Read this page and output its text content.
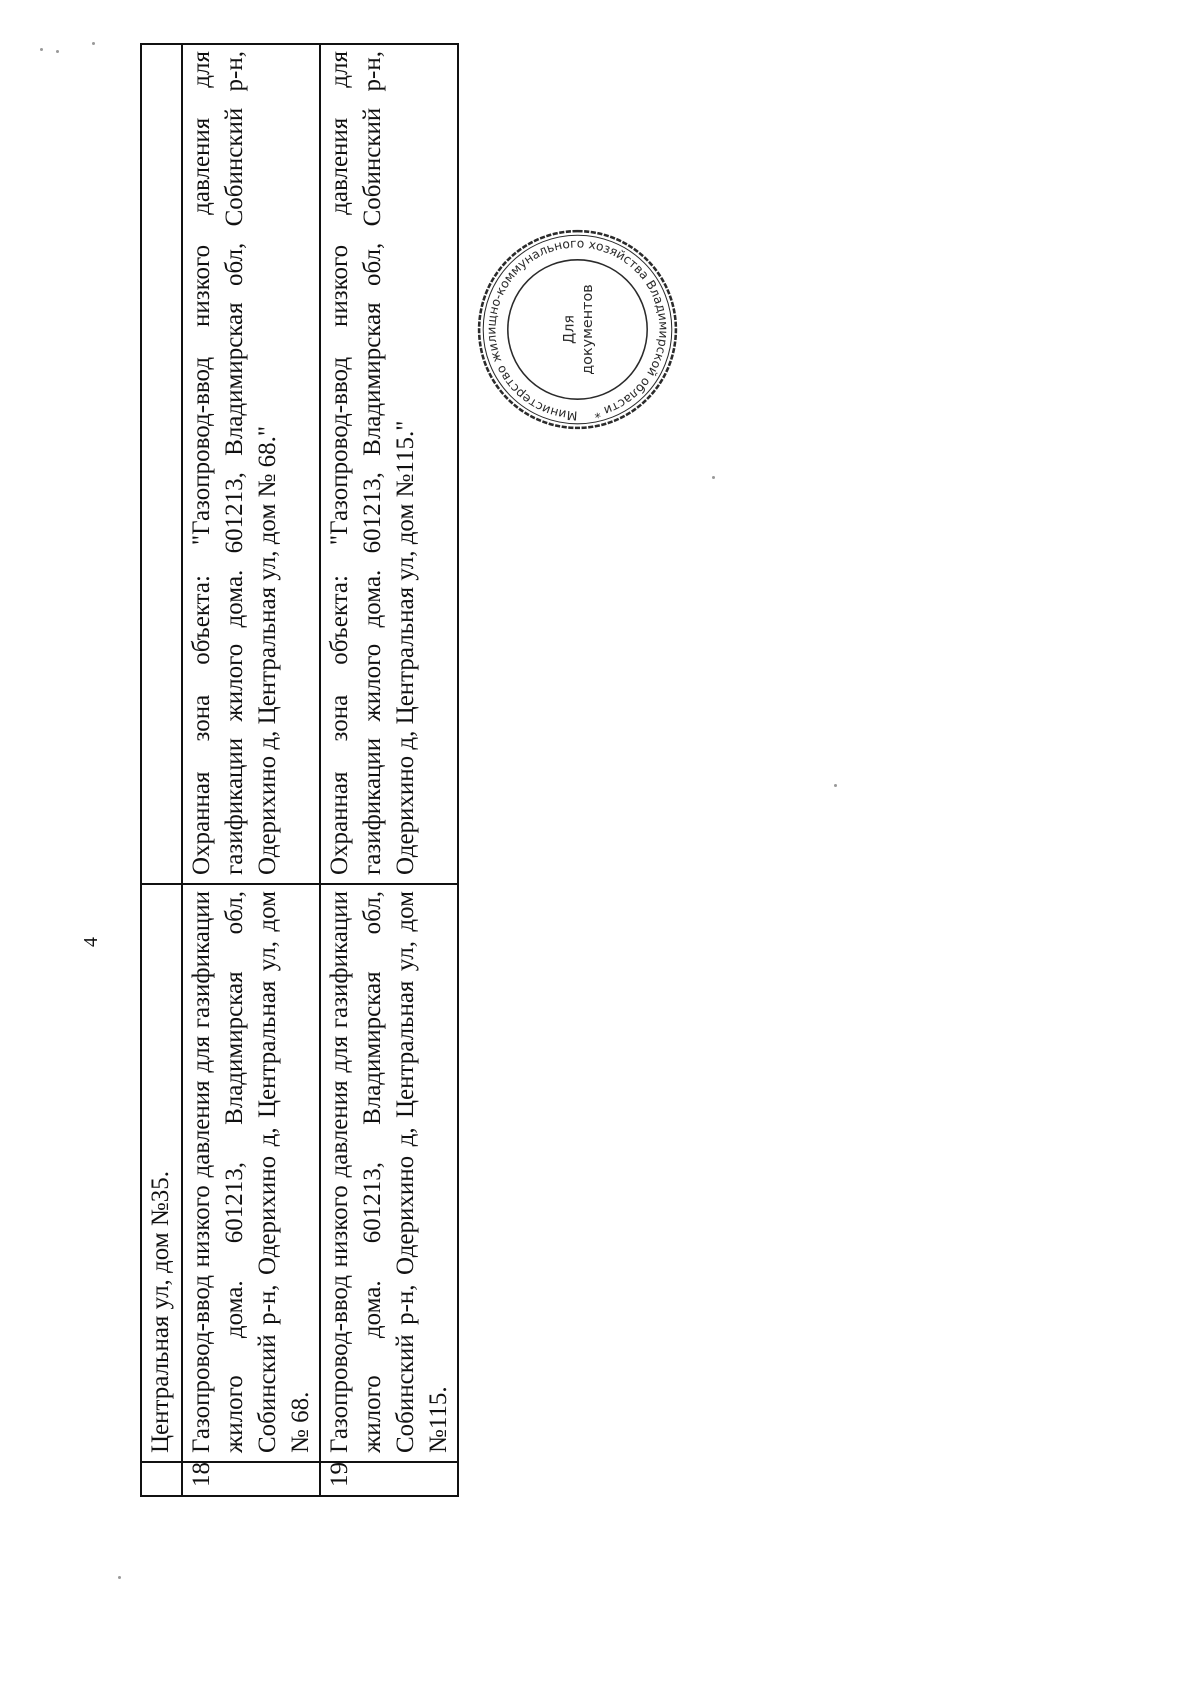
4
	Центральная ул, дом №35.	
18	Газопровод-ввод низкого давления для газификации жилого дома. 601213, Владимирская обл, Собинский р-н, Одерихино д, Центральная ул, дом № 68.	Охранная зона объекта: "Газопровод-ввод низкого давления для газификации жилого дома. 601213, Владимирская обл, Собинский р-н, Одерихино д, Центральная ул, дом № 68."
19	Газопровод-ввод низкого давления для газификации жилого дома. 601213, Владимирская обл, Собинский р-н, Одерихино д, Центральная ул, дом №115.	Охранная зона объекта: "Газопровод-ввод низкого давления для газификации жилого дома. 601213, Владимирская обл, Собинский р-н, Одерихино д, Центральная ул, дом №115."
Министерство жилищно-коммунального хозяйства Владимирской области *
Для документов
